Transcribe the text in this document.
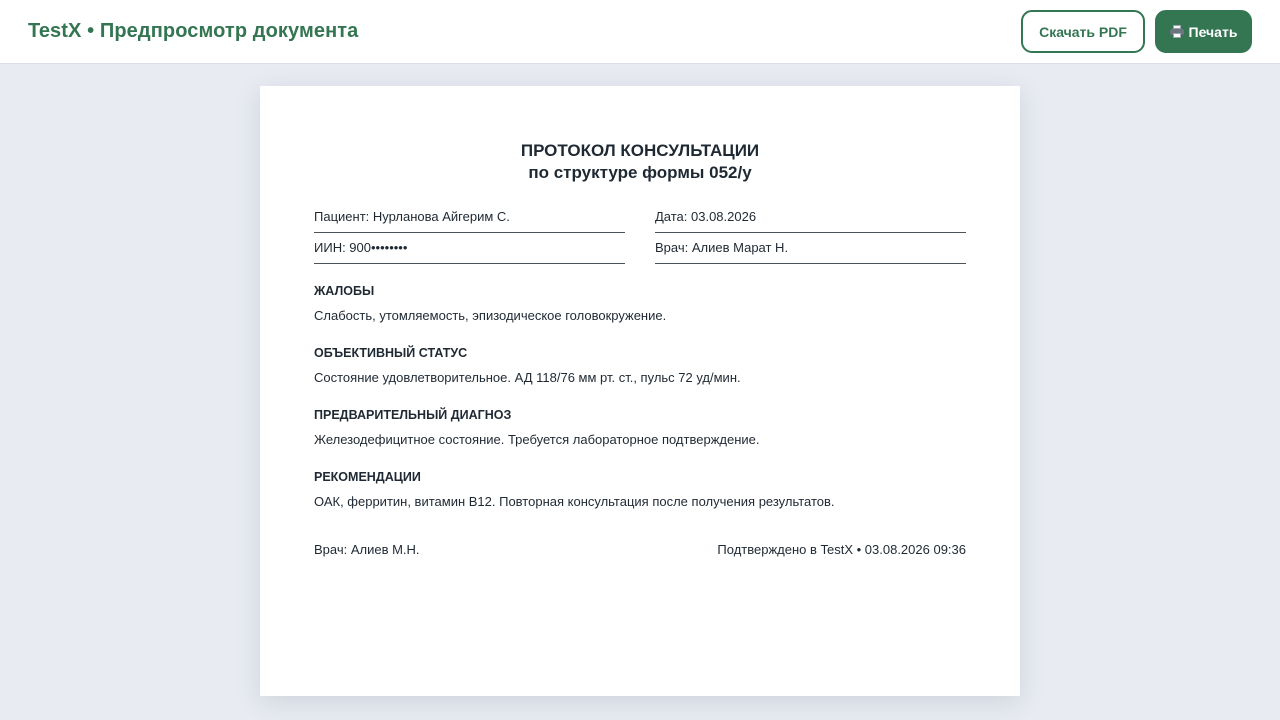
TestX • Предпросмотр документа	Скачать PDF	Печать
ПРОТОКОЛ КОНСУЛЬТАЦИИ
по структуре формы 052/у
Пациент: Нурланова Айгерим С.	Дата: 03.08.2026
ИИН: 900••••••••	Врач: Алиев Марат Н.
ЖАЛОБЫ
Слабость, утомляемость, эпизодическое головокружение.
ОБЪЕКТИВНЫЙ СТАТУС
Состояние удовлетворительное. АД 118/76 мм рт. ст., пульс 72 уд/мин.
ПРЕДВАРИТЕЛЬНЫЙ ДИАГНОЗ
Железодефицитное состояние. Требуется лабораторное подтверждение.
РЕКОМЕНДАЦИИ
ОАК, ферритин, витамин B12. Повторная консультация после получения результатов.
Врач: Алиев М.Н.	Подтверждено в TestX • 03.08.2026 09:36
